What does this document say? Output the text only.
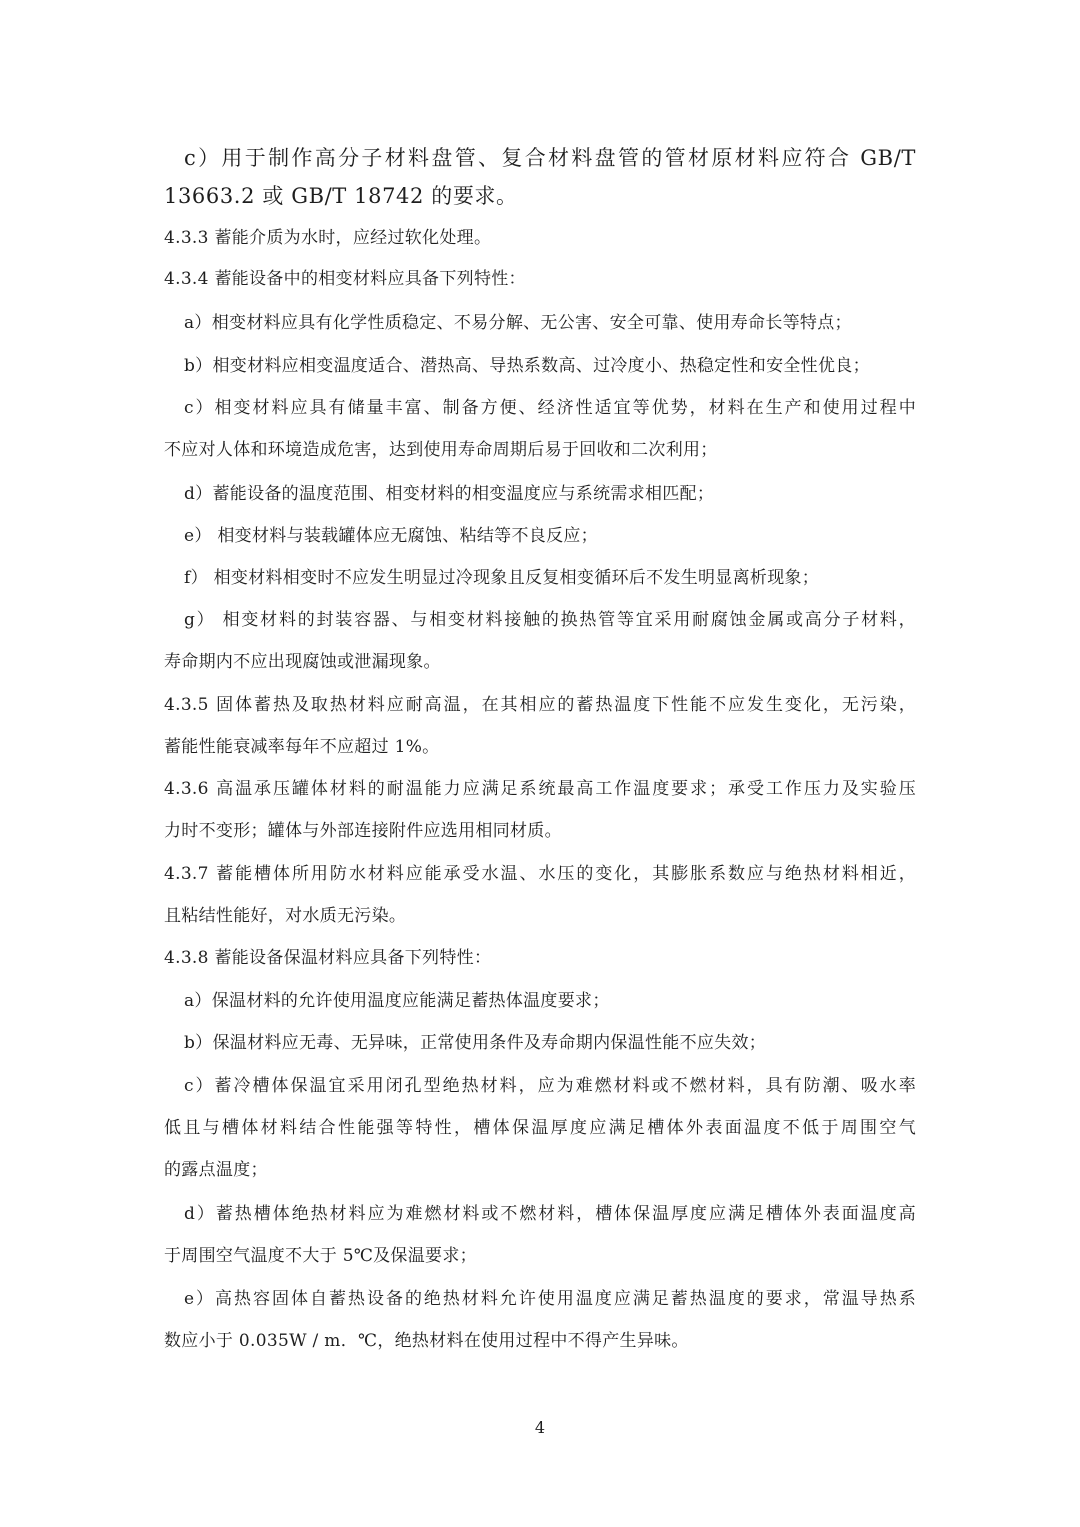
c）用于制作高分子材料盘管、复合材料盘管的管材原材料应符合 GB/T
13663.2 或 GB/T 18742 的要求。
4.3.3 蓄能介质为水时，应经过软化处理。
4.3.4 蓄能设备中的相变材料应具备下列特性：
a）相变材料应具有化学性质稳定、不易分解、无公害、安全可靠、使用寿命长等特点；
b）相变材料应相变温度适合、潜热高、导热系数高、过冷度小、热稳定性和安全性优良；
c）相变材料应具有储量丰富、制备方便、经济性适宜等优势，材料在生产和使用过程中
不应对人体和环境造成危害，达到使用寿命周期后易于回收和二次利用；
d）蓄能设备的温度范围、相变材料的相变温度应与系统需求相匹配；
e） 相变材料与装载罐体应无腐蚀、粘结等不良反应；
f） 相变材料相变时不应发生明显过冷现象且反复相变循环后不发生明显离析现象；
g） 相变材料的封装容器、与相变材料接触的换热管等宜采用耐腐蚀金属或高分子材料，
寿命期内不应出现腐蚀或泄漏现象。
4.3.5 固体蓄热及取热材料应耐高温，在其相应的蓄热温度下性能不应发生变化，无污染，
蓄能性能衰减率每年不应超过 1%。
4.3.6 高温承压罐体材料的耐温能力应满足系统最高工作温度要求；承受工作压力及实验压
力时不变形；罐体与外部连接附件应选用相同材质。
4.3.7 蓄能槽体所用防水材料应能承受水温、水压的变化，其膨胀系数应与绝热材料相近，
且粘结性能好，对水质无污染。
4.3.8 蓄能设备保温材料应具备下列特性：
a）保温材料的允许使用温度应能满足蓄热体温度要求；
b）保温材料应无毒、无异味，正常使用条件及寿命期内保温性能不应失效；
c）蓄冷槽体保温宜采用闭孔型绝热材料，应为难燃材料或不燃材料，具有防潮、吸水率
低且与槽体材料结合性能强等特性，槽体保温厚度应满足槽体外表面温度不低于周围空气
的露点温度；
d）蓄热槽体绝热材料应为难燃材料或不燃材料，槽体保温厚度应满足槽体外表面温度高
于周围空气温度不大于 5℃及保温要求；
e）高热容固体自蓄热设备的绝热材料允许使用温度应满足蓄热温度的要求，常温导热系
数应小于 0.035W / m．℃，绝热材料在使用过程中不得产生异味。
4
